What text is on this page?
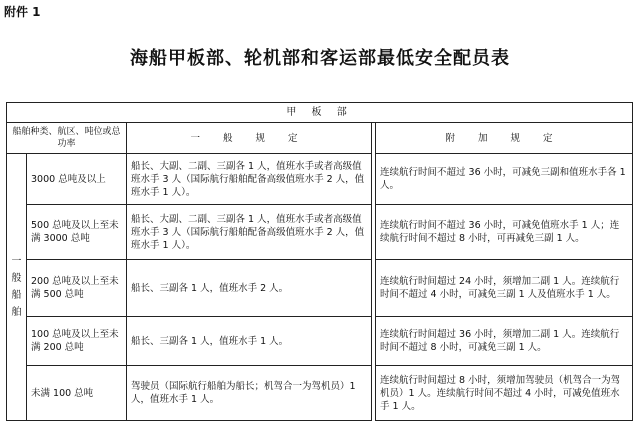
附件 1
海船甲板部、轮机部和客运部最低安全配员表
甲 板 部				
船舶种类、航区、吨位或总功率		一 般 规 定		附 加 规 定
一般船舶	3000 总吨及以上	船长、大副、二副、三副各 1 人，值班水手或者高级值班水手 3 人（国际航行船舶配备高级值班水手 2 人，值班水手 1 人）。		连续航行时间不超过 36 小时，可减免三副和值班水手各 1 人。
	500 总吨及以上至未满 3000 总吨	船长、大副、二副、三副各 1 人，值班水手或者高级值班水手 3 人（国际航行船舶配备高级值班水手 2 人，值班水手 1 人）。		连续航行时间不超过 36 小时，可减免值班水手 1 人；连续航行时间不超过 8 小时，可再减免三副 1 人。
	200 总吨及以上至未满 500 总吨	船长、三副各 1 人，值班水手 2 人。		连续航行时间超过 24 小时，须增加二副 1 人。连续航行时间不超过 4 小时，可减免三副 1 人及值班水手 1 人。
	100 总吨及以上至未满 200 总吨	船长、三副各 1 人，值班水手 1 人。		连续航行时间超过 36 小时，须增加二副 1 人。连续航行时间不超过 8 小时，可减免三副 1 人。
	未满 100 总吨	驾驶员（国际航行船舶为船长；机驾合一为驾机员）1 人，值班水手 1 人。		连续航行时间超过 8 小时，须增加驾驶员（机驾合一为驾机员）1 人。连续航行时间不超过 4 小时，可减免值班水手 1 人。
